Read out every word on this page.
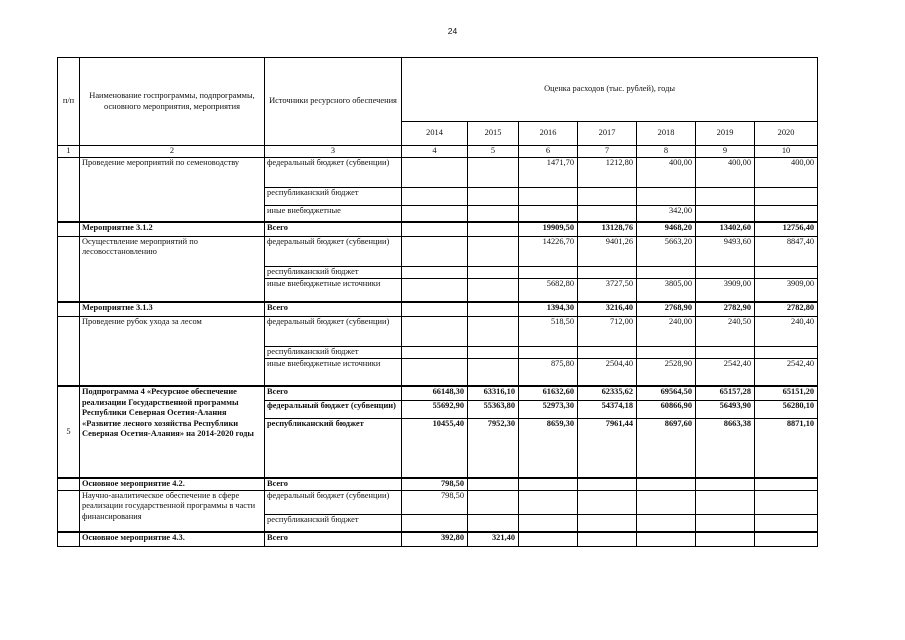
24
п/п	Наименование госпрограммы, подпрограммы, основного мероприятия, мероприятия	Источники ресурсного обеспечения	Оценка расходов (тыс. рублей), годы						
			2014	2015	2016	2017	2018	2019	2020
1	2	3	4	5	6	7	8	9	10
	Проведение мероприятий по семеноводству	федеральный бюджет (субвенции)			1471,70	1212,80	400,00	400,00	400,00
		республиканский бюджет							
		иные внебюджетные					342,00		
	Мероприятие 3.1.2	Всего			19909,50	13128,76	9468,20	13402,60	12756,40
	Осуществление мероприятий по лесовосстановлению	федеральный бюджет (субвенции)			14226,70	9401,26	5663,20	9493,60	8847,40
		республиканский бюджет							
		иные внебюджетные источники			5682,80	3727,50	3805,00	3909,00	3909,00
	Мероприятие 3.1.3	Всего			1394,30	3216,40	2768,90	2782,90	2782,80
	Проведение рубок ухода за лесом	федеральный бюджет (субвенции)			518,50	712,00	240,00	240,50	240,40
		республиканский бюджет							
		иные внебюджетные источники			875,80	2504,40	2528,90	2542,40	2542,40
5	Подпрограмма 4 «Ресурсное обеспечение реализации Государственной программы Республики Северная Осетия-Алания «Развитие лесного хозяйства Республики Северная Осетия-Алания» на 2014-2020 годы	Всего	66148,30	63316,10	61632,60	62335,62	69564,50	65157,28	65151,20
		федеральный бюджет (субвенции)	55692,90	55363,80	52973,30	54374,18	60866,90	56493,90	56280,10
		республиканский бюджет	10455,40	7952,30	8659,30	7961,44	8697,60	8663,38	8871,10
	Основное мероприятие 4.2.	Всего	798,50						
	Научно-аналитическое обеспечение в сфере реализации государственной программы в части финансирования	федеральный бюджет (субвенции)	798,50						
		республиканский бюджет							
	Основное мероприятие 4.3.	Всего	392,80	321,40					
